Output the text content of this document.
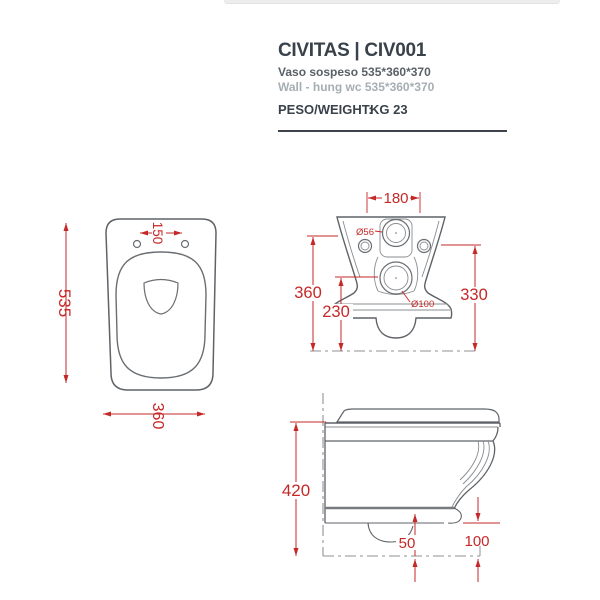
CIVITAS | CIV001
Vaso sospeso 535*360*370
Wall - hung wc 535*360*370
PESO/WEIGHT:
KG 23
535
150
360
180
360
230
330
Ø56
Ø100
420
50	100
